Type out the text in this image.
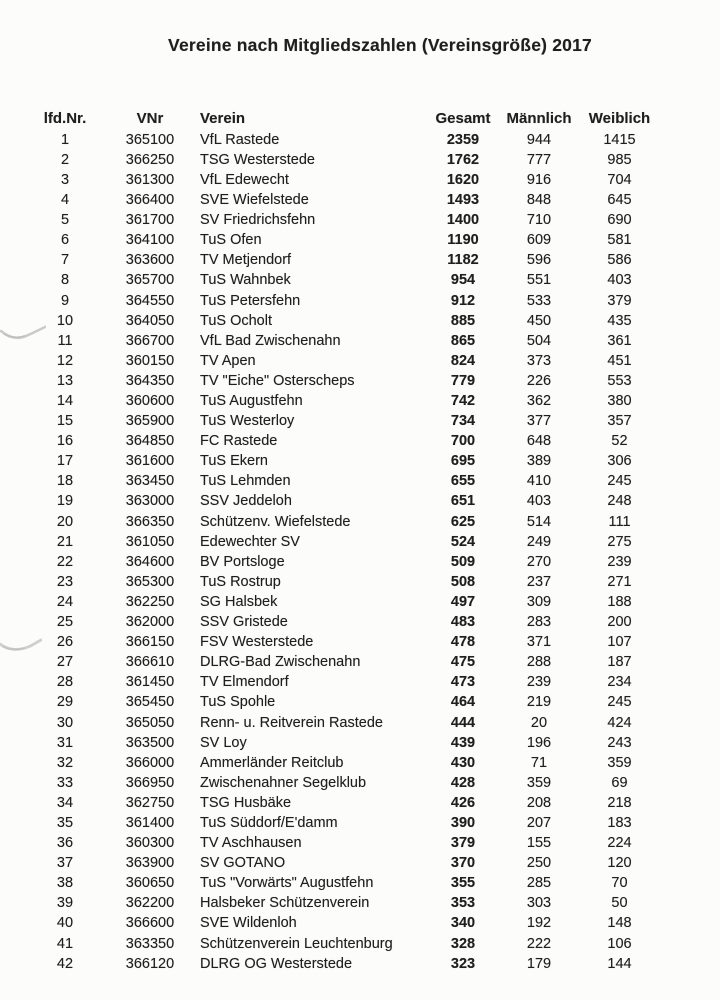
Vereine nach Mitgliedszahlen (Vereinsgröße) 2017
lfd.Nr.	VNr	Verein	Gesamt	Männlich	Weiblich
1	365100	VfL Rastede	2359	944	1415
2	366250	TSG Westerstede	1762	777	985
3	361300	VfL Edewecht	1620	916	704
4	366400	SVE Wiefelstede	1493	848	645
5	361700	SV Friedrichsfehn	1400	710	690
6	364100	TuS Ofen	1190	609	581
7	363600	TV Metjendorf	1182	596	586
8	365700	TuS Wahnbek	954	551	403
9	364550	TuS Petersfehn	912	533	379
10	364050	TuS Ocholt	885	450	435
11	366700	VfL Bad Zwischenahn	865	504	361
12	360150	TV Apen	824	373	451
13	364350	TV "Eiche" Osterscheps	779	226	553
14	360600	TuS Augustfehn	742	362	380
15	365900	TuS Westerloy	734	377	357
16	364850	FC Rastede	700	648	52
17	361600	TuS Ekern	695	389	306
18	363450	TuS Lehmden	655	410	245
19	363000	SSV Jeddeloh	651	403	248
20	366350	Schützenv. Wiefelstede	625	514	111
21	361050	Edewechter SV	524	249	275
22	364600	BV Portsloge	509	270	239
23	365300	TuS Rostrup	508	237	271
24	362250	SG Halsbek	497	309	188
25	362000	SSV Gristede	483	283	200
26	366150	FSV Westerstede	478	371	107
27	366610	DLRG-Bad Zwischenahn	475	288	187
28	361450	TV Elmendorf	473	239	234
29	365450	TuS Spohle	464	219	245
30	365050	Renn- u. Reitverein Rastede	444	20	424
31	363500	SV Loy	439	196	243
32	366000	Ammerländer Reitclub	430	71	359
33	366950	Zwischenahner Segelklub	428	359	69
34	362750	TSG Husbäke	426	208	218
35	361400	TuS Süddorf/E'damm	390	207	183
36	360300	TV Aschhausen	379	155	224
37	363900	SV GOTANO	370	250	120
38	360650	TuS "Vorwärts" Augustfehn	355	285	70
39	362200	Halsbeker Schützenverein	353	303	50
40	366600	SVE Wildenloh	340	192	148
41	363350	Schützenverein Leuchtenburg	328	222	106
42	366120	DLRG OG Westerstede	323	179	144
